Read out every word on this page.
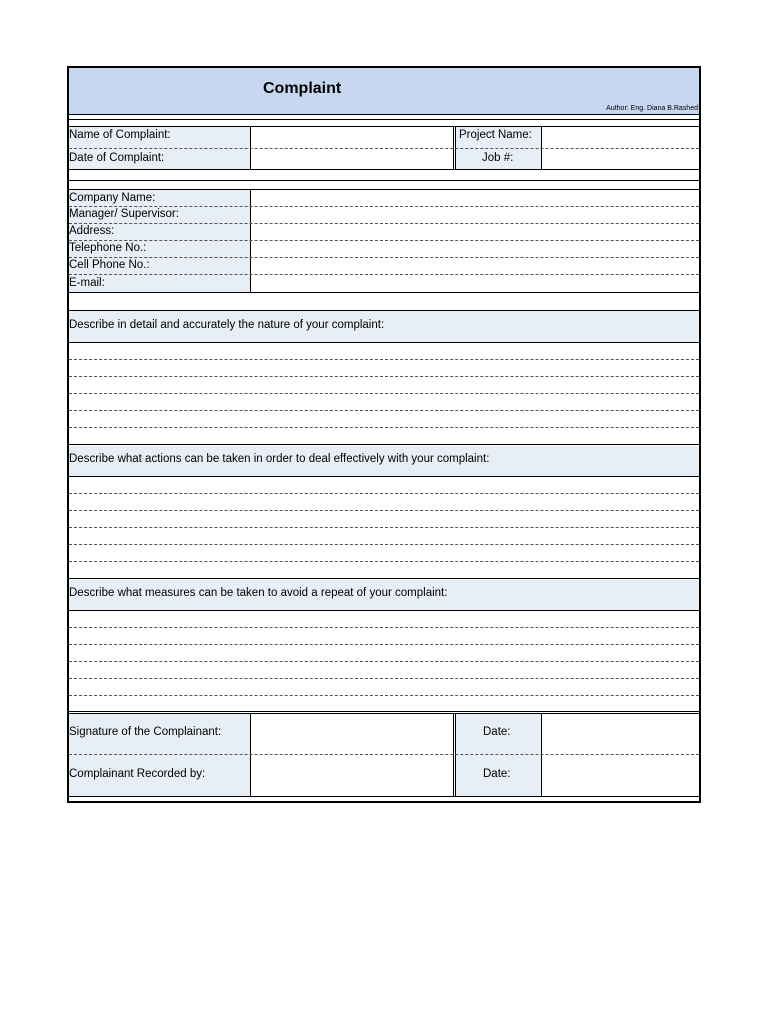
Complaint
Author: Eng. Diana B.Rashed
Name of Complaint:
Date of Complaint:
Project Name:
Job #:
Company Name:
Manager/ Supervisor:
Address:
Telephone No.:
Cell Phone No.:
E-mail:
Describe in detail and accurately the nature of your complaint:
Describe what actions can be taken in order to deal effectively with your complaint:
Describe what measures can be taken to avoid a repeat of your complaint:
Signature of the Complainant:
Complainant Recorded by:
Date:
Date:
